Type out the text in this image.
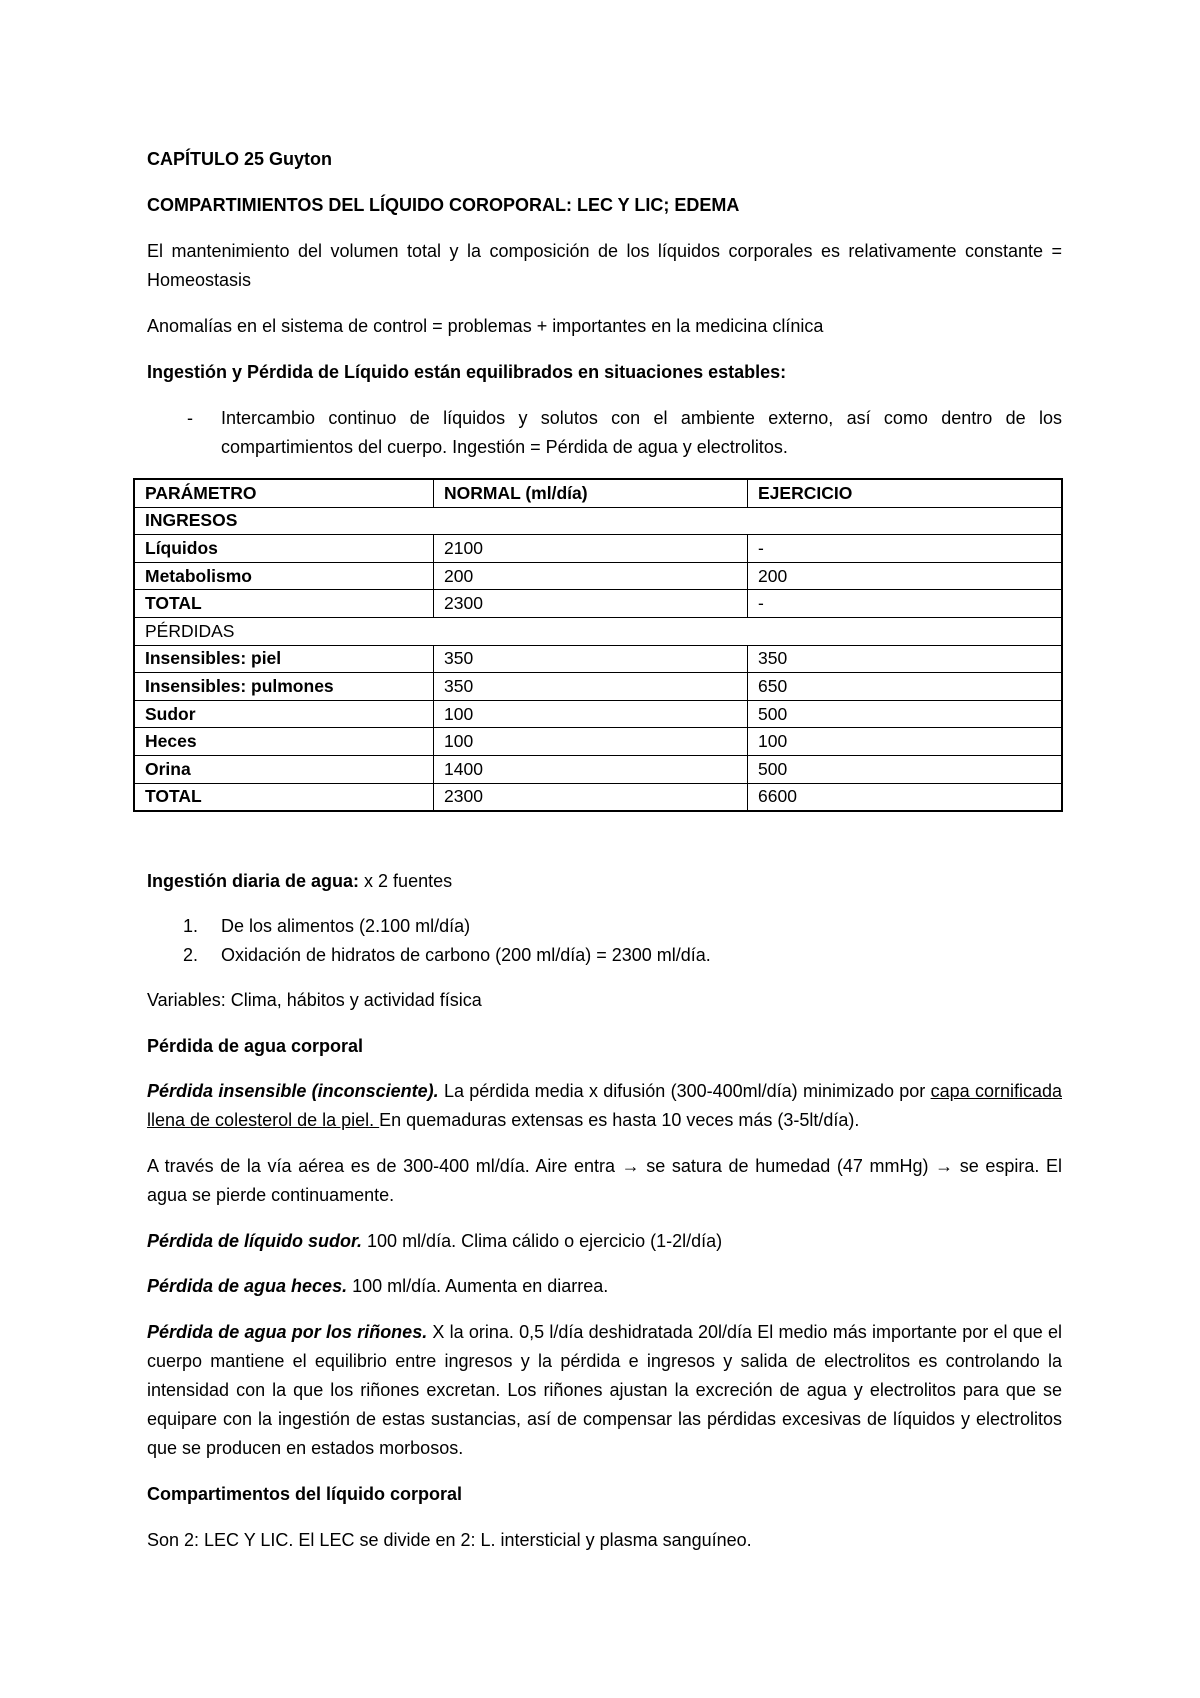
CAPÍTULO 25 Guyton

COMPARTIMIENTOS DEL LÍQUIDO COROPORAL: LEC Y LIC; EDEMA

El mantenimiento del volumen total y la composición de los líquidos corporales es relativamente constante = Homeostasis

Anomalías en el sistema de control = problemas + importantes en la medicina clínica

Ingestión y Pérdida de Líquido están equilibrados en situaciones estables:

- Intercambio continuo de líquidos y solutos con el ambiente externo, así como dentro de los compartimientos del cuerpo. Ingestión = Pérdida de agua y electrolitos.
PARÁMETRO	NORMAL (ml/día)	EJERCICIO
INGRESOS		
Líquidos	2100	-
Metabolismo	200	200
TOTAL	2300	-
PÉRDIDAS		
Insensibles: piel	350	350
Insensibles: pulmones	350	650
Sudor	100	500
Heces	100	100
Orina	1400	500
TOTAL	2300	6600

Ingestión diaria de agua: x 2 fuentes

1. De los alimentos (2.100 ml/día)
2. Oxidación de hidratos de carbono (200 ml/día) = 2300 ml/día.

Variables: Clima, hábitos y actividad física

Pérdida de agua corporal

Pérdida insensible (inconsciente). La pérdida media x difusión (300-400ml/día) minimizado por capa cornificada llena de colesterol de la piel. En quemaduras extensas es hasta 10 veces más (3-5lt/día).

A través de la vía aérea es de 300-400 ml/día. Aire entra → se satura de humedad (47 mmHg) → se espira. El agua se pierde continuamente.

Pérdida de líquido sudor. 100 ml/día. Clima cálido o ejercicio (1-2l/día)

Pérdida de agua heces. 100 ml/día. Aumenta en diarrea.

Pérdida de agua por los riñones. X la orina. 0,5 l/día deshidratada 20l/día El medio más importante por el que el cuerpo mantiene el equilibrio entre ingresos y la pérdida e ingresos y salida de electrolitos es controlando la intensidad con la que los riñones excretan. Los riñones ajustan la excreción de agua y electrolitos para que se equipare con la ingestión de estas sustancias, así de compensar las pérdidas excesivas de líquidos y electrolitos que se producen en estados morbosos.

Compartimentos del líquido corporal

Son 2: LEC Y LIC. El LEC se divide en 2: L. intersticial y plasma sanguíneo.
